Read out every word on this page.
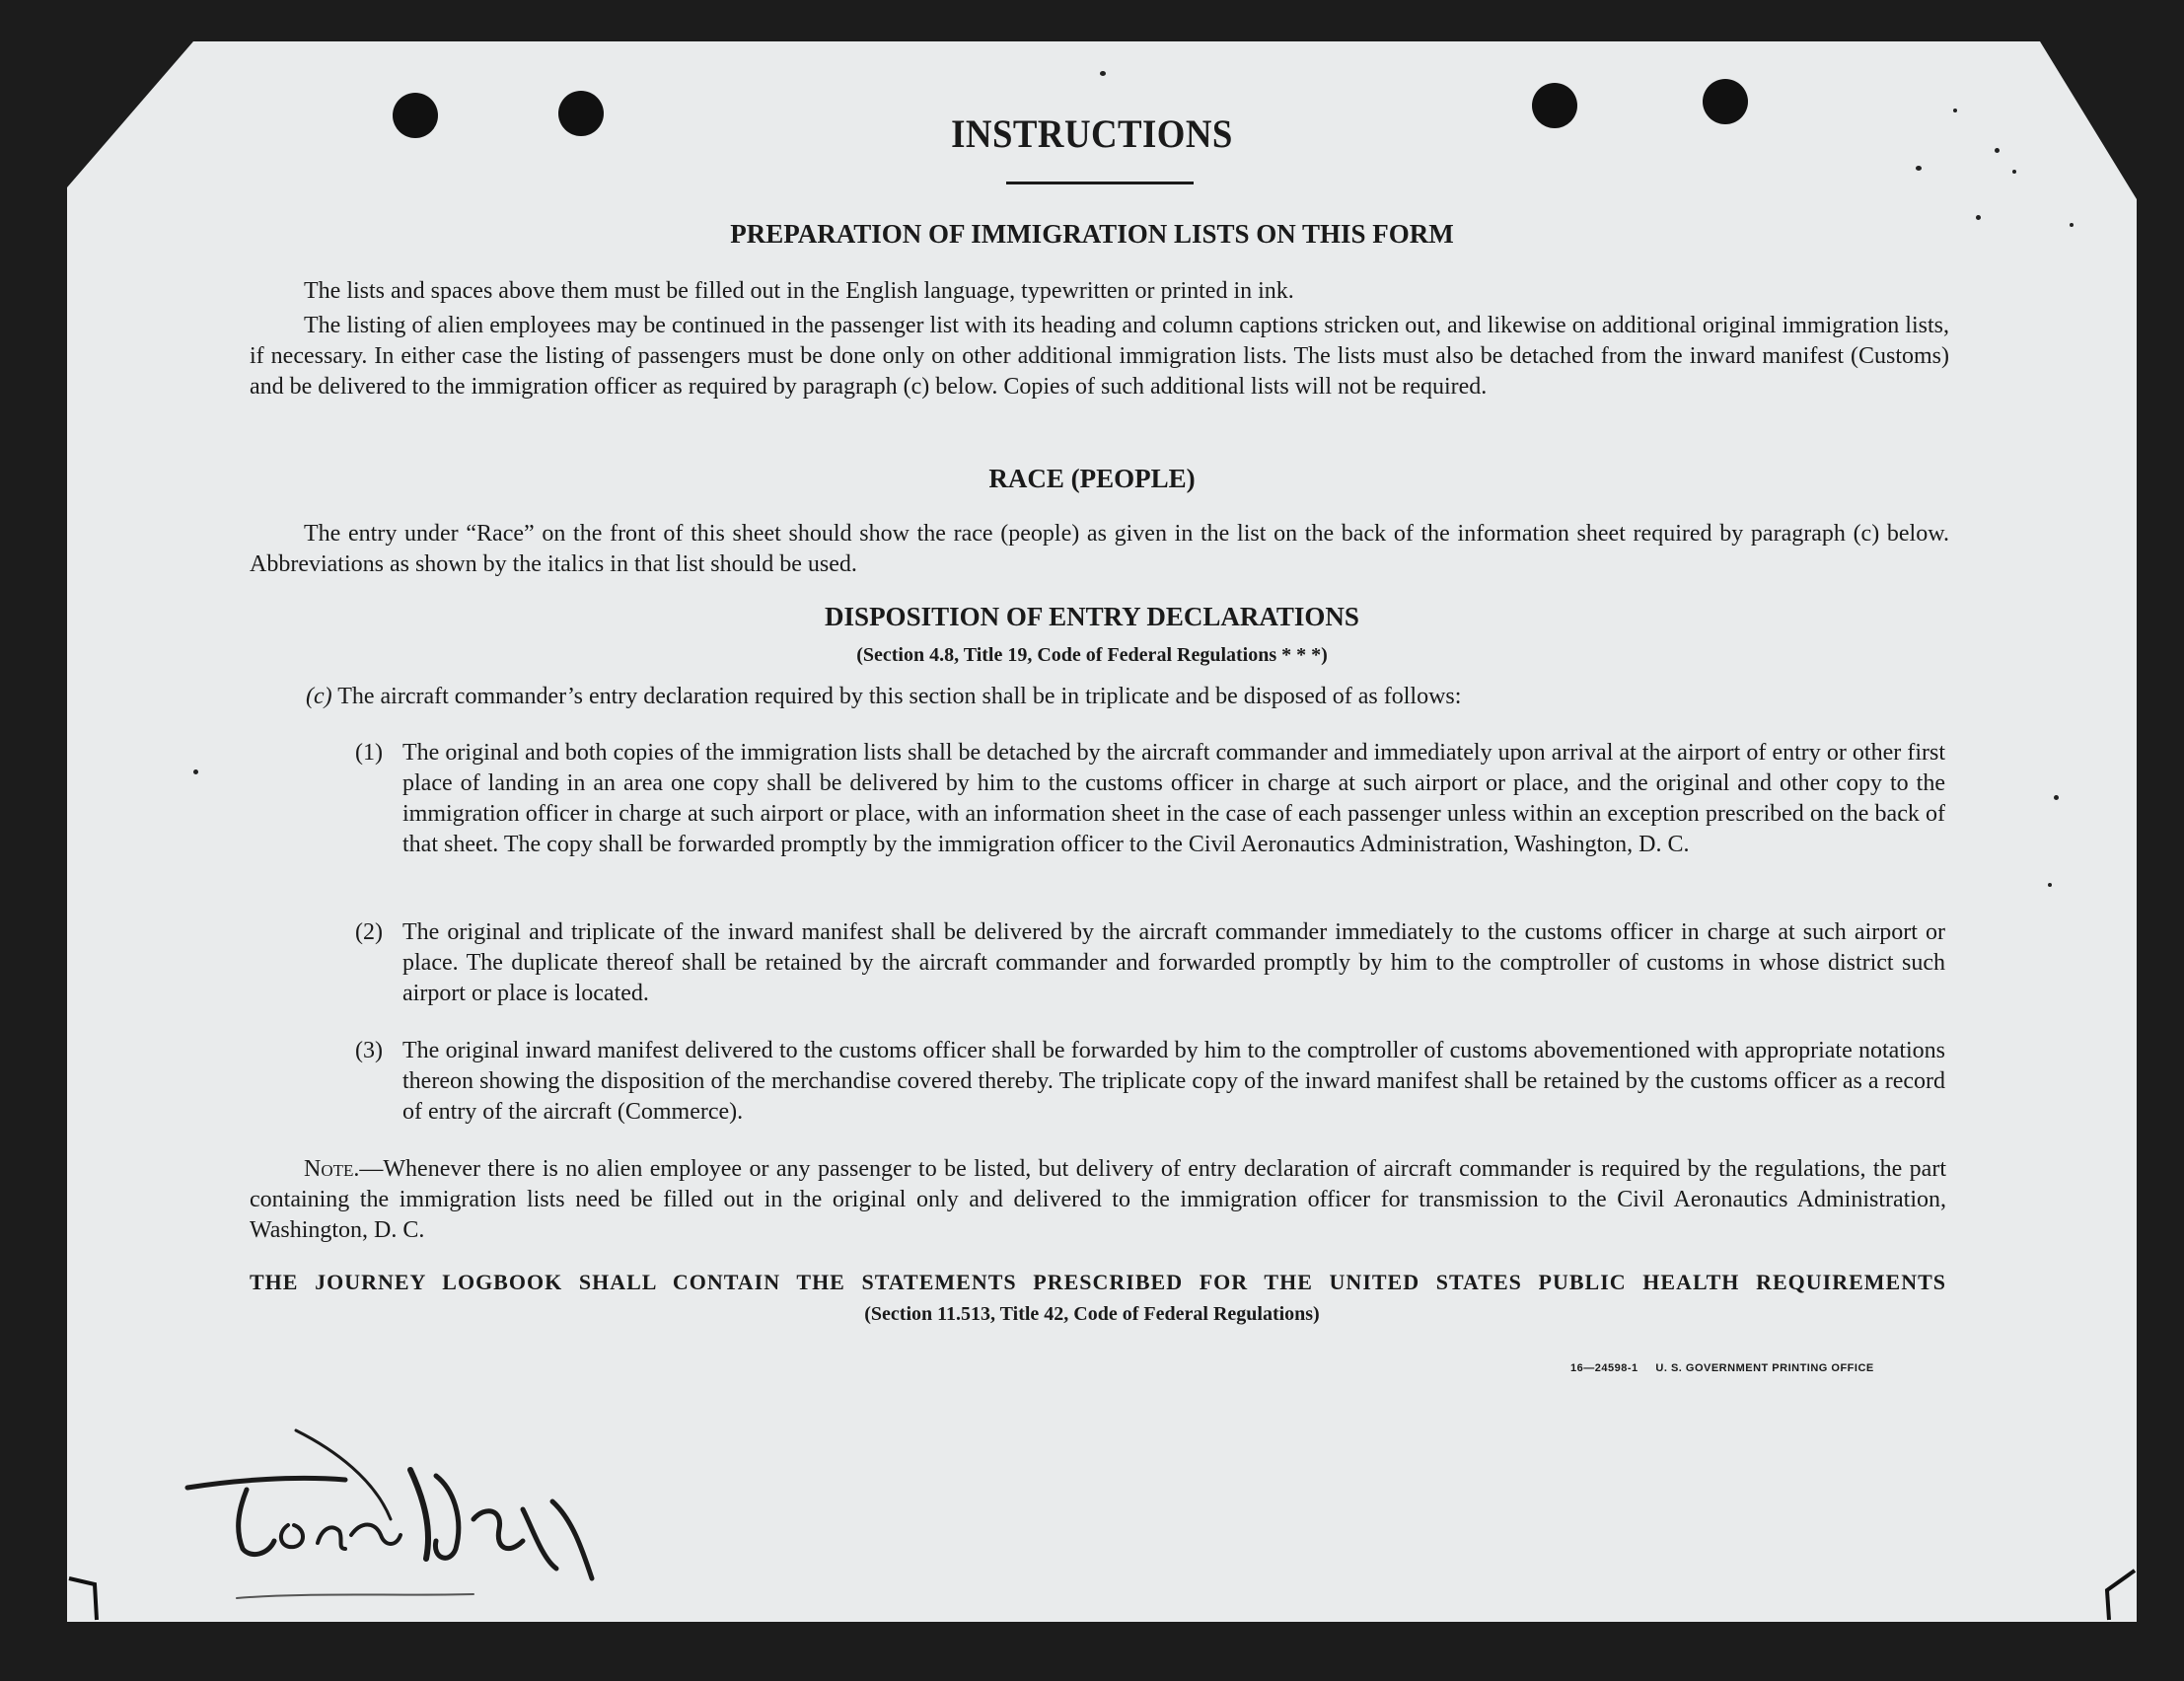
INSTRUCTIONS
PREPARATION OF IMMIGRATION LISTS ON THIS FORM

The lists and spaces above them must be filled out in the English language, typewritten or printed in ink.

The listing of alien employees may be continued in the passenger list with its heading and column captions stricken out, and likewise on additional original immigration lists, if necessary. In either case the listing of passengers must be done only on other additional immigration lists. The lists must also be detached from the inward manifest (Customs) and be delivered to the immigration officer as required by paragraph (c) below. Copies of such additional lists will not be required.

RACE (PEOPLE)

The entry under “Race” on the front of this sheet should show the race (people) as given in the list on the back of the information sheet required by paragraph (c) below. Abbreviations as shown by the italics in that list should be used.

DISPOSITION OF ENTRY DECLARATIONS
(Section 4.8, Title 19, Code of Federal Regulations * * *)
(c) The aircraft commander’s entry declaration required by this section shall be in triplicate and be disposed of as follows:
(1) The original and both copies of the immigration lists shall be detached by the aircraft commander and immediately upon arrival at the airport of entry or other first place of landing in an area one copy shall be delivered by him to the customs officer in charge at such airport or place, and the original and other copy to the immigration officer in charge at such airport or place, with an information sheet in the case of each passenger unless within an exception prescribed on the back of that sheet. The copy shall be forwarded promptly by the immigration officer to the Civil Aeronautics Administration, Washington, D. C.
(2) The original and triplicate of the inward manifest shall be delivered by the aircraft commander immediately to the customs officer in charge at such airport or place. The duplicate thereof shall be retained by the aircraft commander and forwarded promptly by him to the comptroller of customs in whose district such airport or place is located.
(3) The original inward manifest delivered to the customs officer shall be forwarded by him to the comptroller of customs abovementioned with appropriate notations thereon showing the disposition of the merchandise covered thereby. The triplicate copy of the inward manifest shall be retained by the customs officer as a record of entry of the aircraft (Commerce).

Note.—Whenever there is no alien employee or any passenger to be listed, but delivery of entry declaration of aircraft commander is required by the regulations, the part containing the immigration lists need be filled out in the original only and delivered to the immigration officer for transmission to the Civil Aeronautics Administration, Washington, D. C.

THE JOURNEY LOGBOOK SHALL CONTAIN THE STATEMENTS PRESCRIBED FOR THE UNITED STATES PUBLIC HEALTH REQUIREMENTS
(Section 11.513, Title 42, Code of Federal Regulations)
16—24598-1 U. S. GOVERNMENT PRINTING OFFICE
